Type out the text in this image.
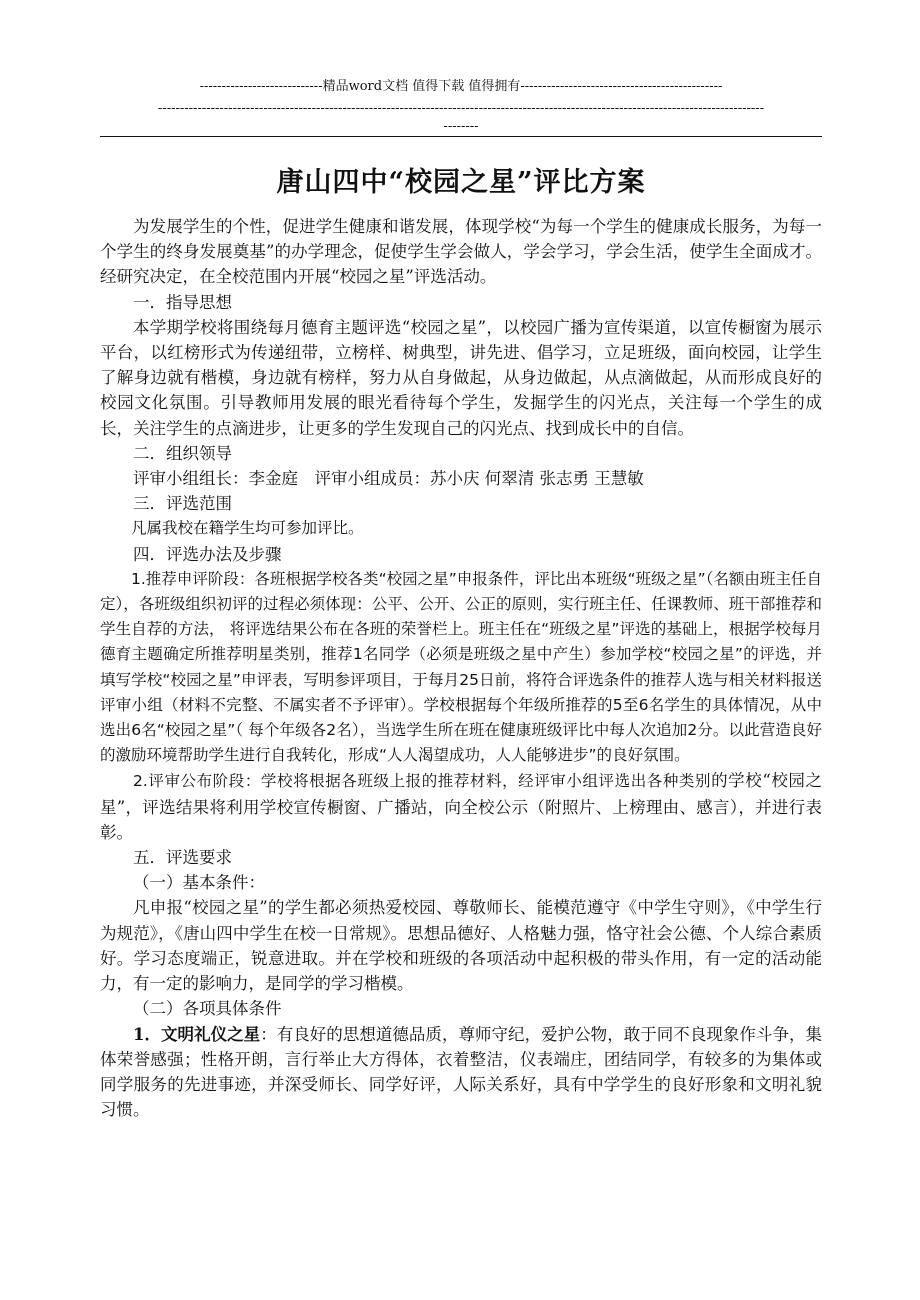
----------------------------精品word文档 值得下载 值得拥有----------------------------------------------
------------------------------------------------------------------------------------------------------------------------------------------
--------
唐山四中“校园之星”评比方案

为发展学生的个性，促进学生健康和谐发展，体现学校“为每一个学生的健康成长服务，为每一个学生的终身发展奠基”的办学理念，促使学生学会做人，学会学习，学会生活，使学生全面成才。经研究决定，在全校范围内开展“校园之星”评选活动。

一．指导思想

本学期学校将围绕每月德育主题评选“校园之星”，以校园广播为宣传渠道，以宣传橱窗为展示平台，以红榜形式为传递纽带，立榜样、树典型，讲先进、倡学习，立足班级，面向校园，让学生了解身边就有楷模，身边就有榜样，努力从自身做起，从身边做起，从点滴做起，从而形成良好的校园文化氛围。引导教师用发展的眼光看待每个学生，发掘学生的闪光点，关注每一个学生的成长，关注学生的点滴进步，让更多的学生发现自己的闪光点、找到成长中的自信。

二．组织领导

评审小组组长：李金庭　评审小组成员：苏小庆 何翠清 张志勇 王慧敏

三．评选范围

凡属我校在籍学生均可参加评比。

四．评选办法及步骤

1.推荐申评阶段：各班根据学校各类“校园之星”申报条件，评比出本班级“班级之星”（名额由班主任自定），各班级组织初评的过程必须体现：公平、公开、公正的原则，实行班主任、任课教师、班干部推荐和学生自荐的方法， 将评选结果公布在各班的荣誉栏上。班主任在“班级之星”评选的基础上，根据学校每月德育主题确定所推荐明星类别，推荐1名同学（必须是班级之星中产生）参加学校“校园之星”的评选，并填写学校“校园之星”申评表，写明参评项目，于每月25日前，将符合评选条件的推荐人选与相关材料报送评审小组（材料不完整、不属实者不予评审）。学校根据每个年级所推荐的5至6名学生的具体情况，从中选出6名“校园之星”（ 每个年级各2名），当选学生所在班在健康班级评比中每人次追加2分。以此营造良好的激励环境帮助学生进行自我转化，形成“人人渴望成功，人人能够进步”的良好氛围。

2.评审公布阶段：学校将根据各班级上报的推荐材料，经评审小组评选出各种类别的学校“校园之星”，评选结果将利用学校宣传橱窗、广播站，向全校公示（附照片、上榜理由、感言），并进行表彰。

五．评选要求

（一）基本条件：

凡申报“校园之星”的学生都必须热爱校园、尊敬师长、能模范遵守《中学生守则》，《中学生行为规范》，《唐山四中学生在校一日常规》。思想品德好、人格魅力强，恪守社会公德、个人综合素质好。学习态度端正，锐意进取。并在学校和班级的各项活动中起积极的带头作用，有一定的活动能力，有一定的影响力，是同学的学习楷模。

（二）各项具体条件

1．文明礼仪之星：有良好的思想道德品质，尊师守纪，爱护公物，敢于同不良现象作斗争，集体荣誉感强；性格开朗，言行举止大方得体，衣着整洁，仪表端庄，团结同学，有较多的为集体或同学服务的先进事迹，并深受师长、同学好评，人际关系好，具有中学学生的良好形象和文明礼貌习惯。
